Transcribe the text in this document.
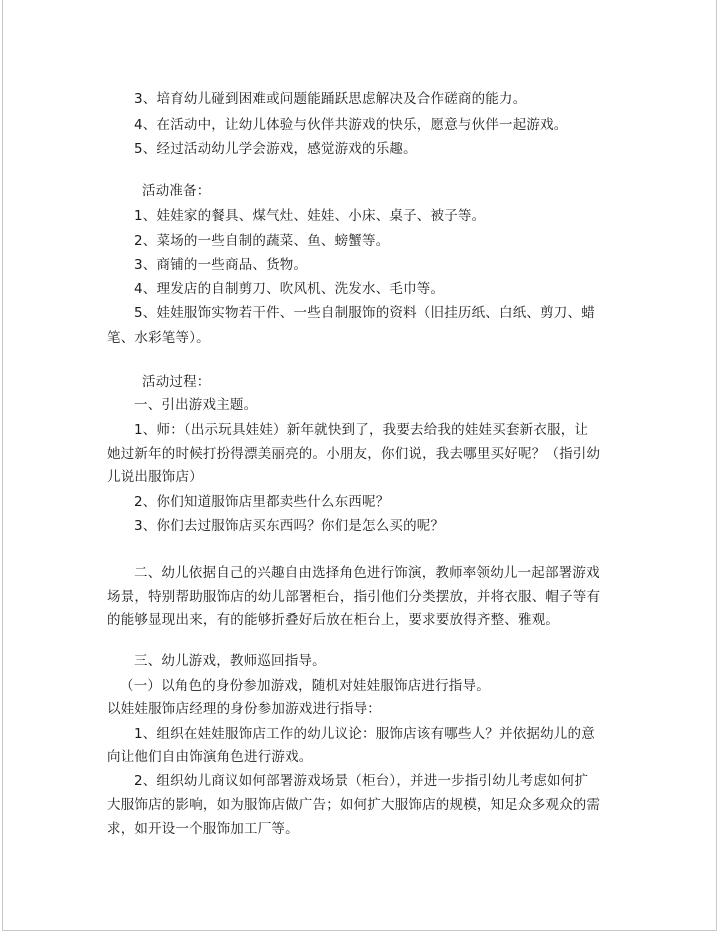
3、培育幼儿碰到困难或问题能踊跃思虑解决及合作磋商的能力。
4、在活动中，让幼儿体验与伙伴共游戏的快乐，愿意与伙伴一起游戏。
5、经过活动幼儿学会游戏，感觉游戏的乐趣。
活动准备：
1、娃娃家的餐具、煤气灶、娃娃、小床、桌子、被子等。
2、菜场的一些自制的蔬菜、鱼、螃蟹等。
3、商铺的一些商品、货物。
4、理发店的自制剪刀、吹风机、洗发水、毛巾等。
5、娃娃服饰实物若干件、一些自制服饰的资料（旧挂历纸、白纸、剪刀、蜡
笔、水彩笔等）。
活动过程：
一、引出游戏主题。
1、师：（出示玩具娃娃）新年就快到了，我要去给我的娃娃买套新衣服，让
她过新年的时候打扮得漂美丽亮的。小朋友，你们说，我去哪里买好呢？（指引幼
儿说出服饰店）
2、你们知道服饰店里都卖些什么东西呢？
3、你们去过服饰店买东西吗？你们是怎么买的呢？
二、幼儿依据自己的兴趣自由选择角色进行饰演，教师率领幼儿一起部署游戏
场景，特别帮助服饰店的幼儿部署柜台，指引他们分类摆放，并将衣服、帽子等有
的能够显现出来，有的能够折叠好后放在柜台上，要求要放得齐整、雅观。
三、幼儿游戏，教师巡回指导。
（一）以角色的身份参加游戏，随机对娃娃服饰店进行指导。
以娃娃服饰店经理的身份参加游戏进行指导：
1、组织在娃娃服饰店工作的幼儿议论：服饰店该有哪些人？并依据幼儿的意
向让他们自由饰演角色进行游戏。
2、组织幼儿商议如何部署游戏场景（柜台），并进一步指引幼儿考虑如何扩
大服饰店的影响，如为服饰店做广告；如何扩大服饰店的规模，知足众多观众的需
求，如开设一个服饰加工厂等。
